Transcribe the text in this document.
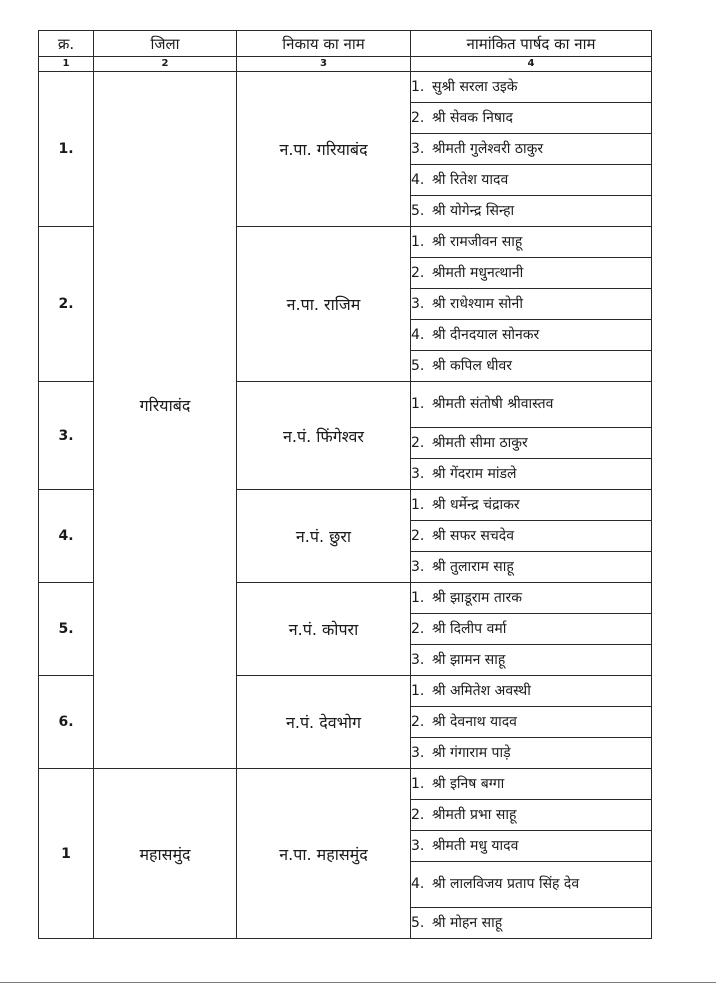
क्र.	जिला	निकाय का नाम	नामांकित पार्षद का नाम
1	2	3	4
1.	गरियाबंद	न.पा. गरियाबंद	1. सुश्री सरला उइके
			2. श्री सेवक निषाद
			3. श्रीमती गुलेश्वरी ठाकुर
			4. श्री रितेश यादव
			5. श्री योगेन्द्र सिन्हा
2.		न.पा. राजिम	1. श्री रामजीवन साहू
			2. श्रीमती मधुनत्थानी
			3. श्री राधेश्याम सोनी
			4. श्री दीनदयाल सोनकर
			5. श्री कपिल धीवर
3.		न.पं. फिंगेश्वर	1. श्रीमती संतोषी श्रीवास्तव
			2. श्रीमती सीमा ठाकुर
			3. श्री गेंदराम मांडले
4.		न.पं. छुरा	1. श्री धर्मेन्द्र चंद्राकर
			2. श्री सफर सचदेव
			3. श्री तुलाराम साहू
5.		न.पं. कोपरा	1. श्री झाडूराम तारक
			2. श्री दिलीप वर्मा
			3. श्री झामन साहू
6.		न.पं. देवभोग	1. श्री अमितेश अवस्थी
			2. श्री देवनाथ यादव
			3. श्री गंगाराम पाड़े
1	महासमुंद	न.पा. महासमुंद	1. श्री इनिष बग्गा
			2. श्रीमती प्रभा साहू
			3. श्रीमती मधु यादव
			4. श्री लालविजय प्रताप सिंह देव
			5. श्री मोहन साहू
